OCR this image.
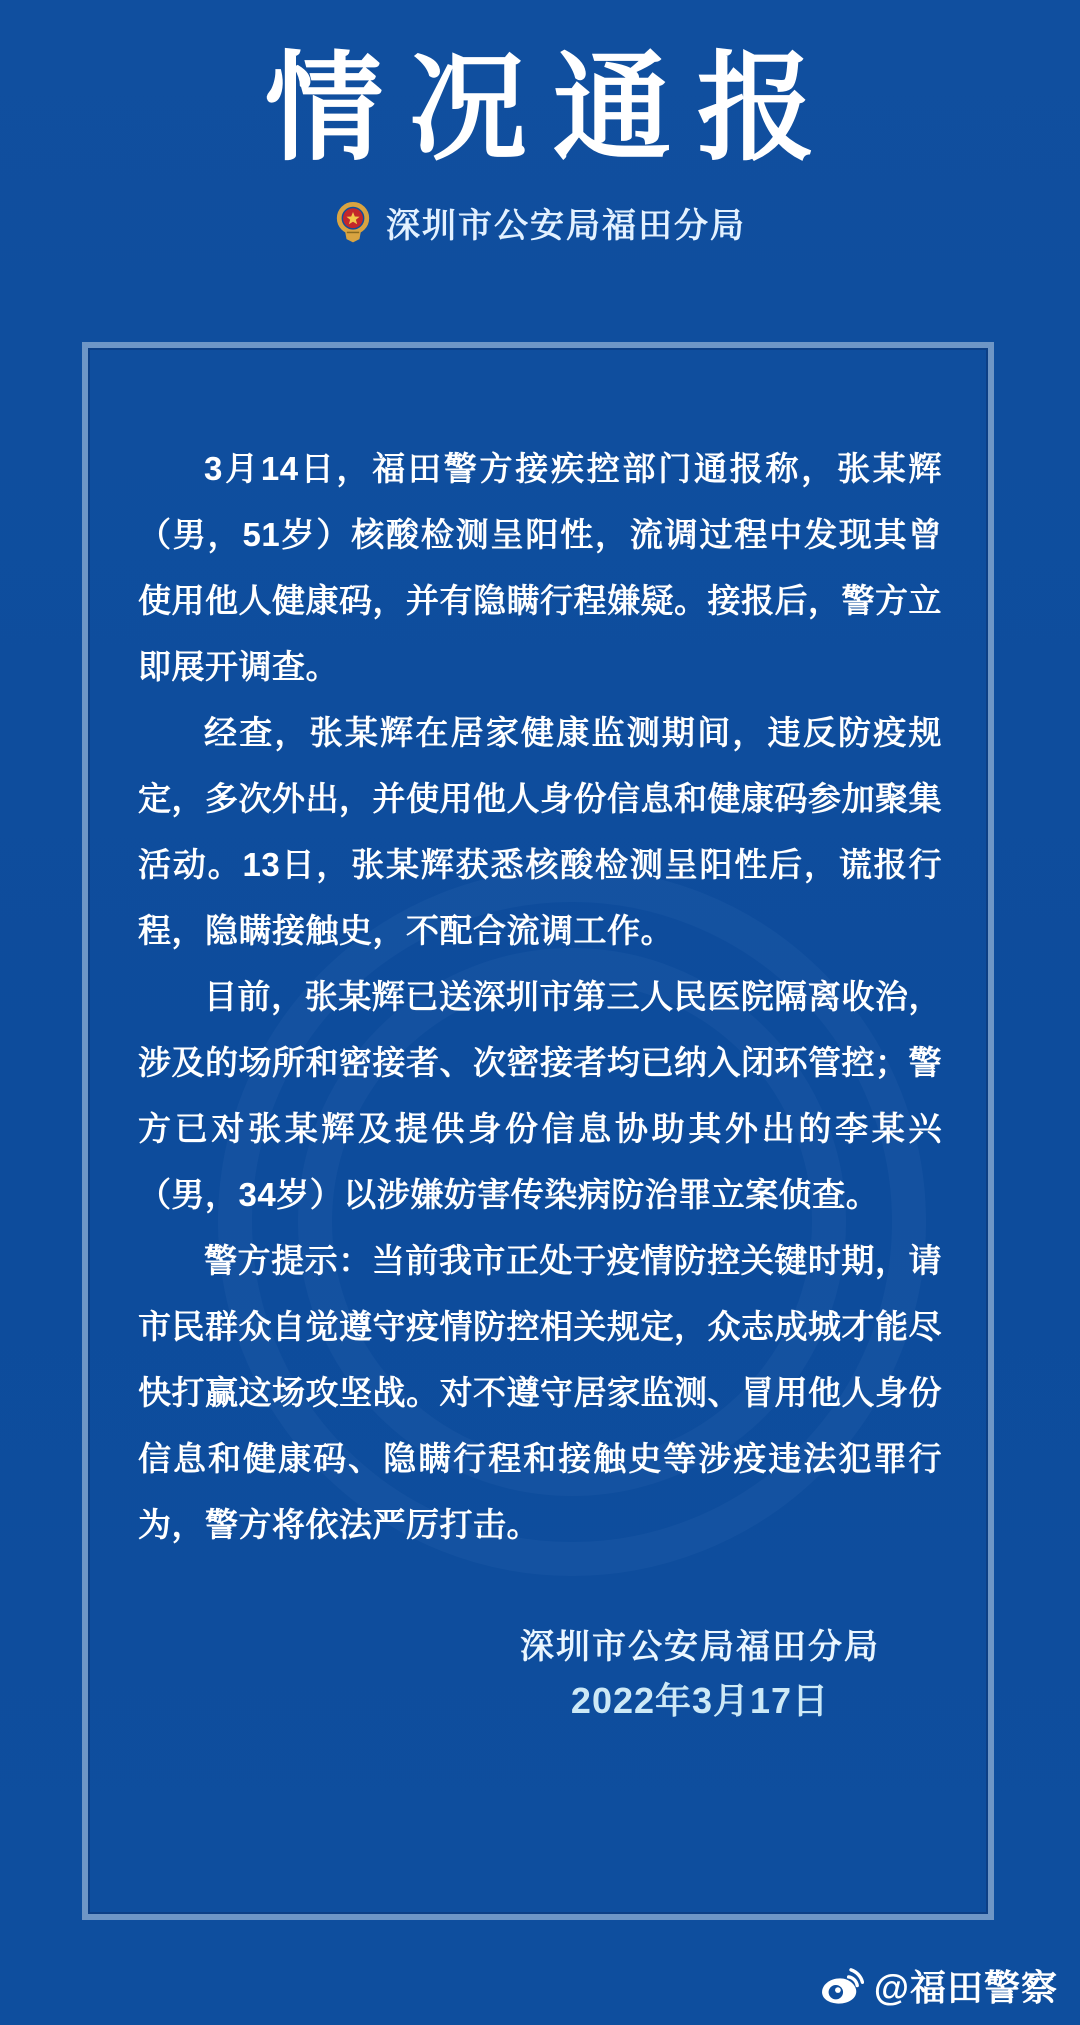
情况通报
深圳市公安局福田分局

3月14日，福田警方接疾控部门通报称，张某辉（男，51岁）核酸检测呈阳性，流调过程中发现其曾使用他人健康码，并有隐瞒行程嫌疑。接报后，警方立即展开调查。

经查，张某辉在居家健康监测期间，违反防疫规定，多次外出，并使用他人身份信息和健康码参加聚集活动。13日，张某辉获悉核酸检测呈阳性后，谎报行程，隐瞒接触史，不配合流调工作。

目前，张某辉已送深圳市第三人民医院隔离收治，涉及的场所和密接者、次密接者均已纳入闭环管控；警方已对张某辉及提供身份信息协助其外出的李某兴（男，34岁）以涉嫌妨害传染病防治罪立案侦查。

警方提示：当前我市正处于疫情防控关键时期，请市民群众自觉遵守疫情防控相关规定，众志成城才能尽快打赢这场攻坚战。对不遵守居家监测、冒用他人身份信息和健康码、隐瞒行程和接触史等涉疫违法犯罪行为，警方将依法严厉打击。

深圳市公安局福田分局
2022年3月17日
@福田警察
